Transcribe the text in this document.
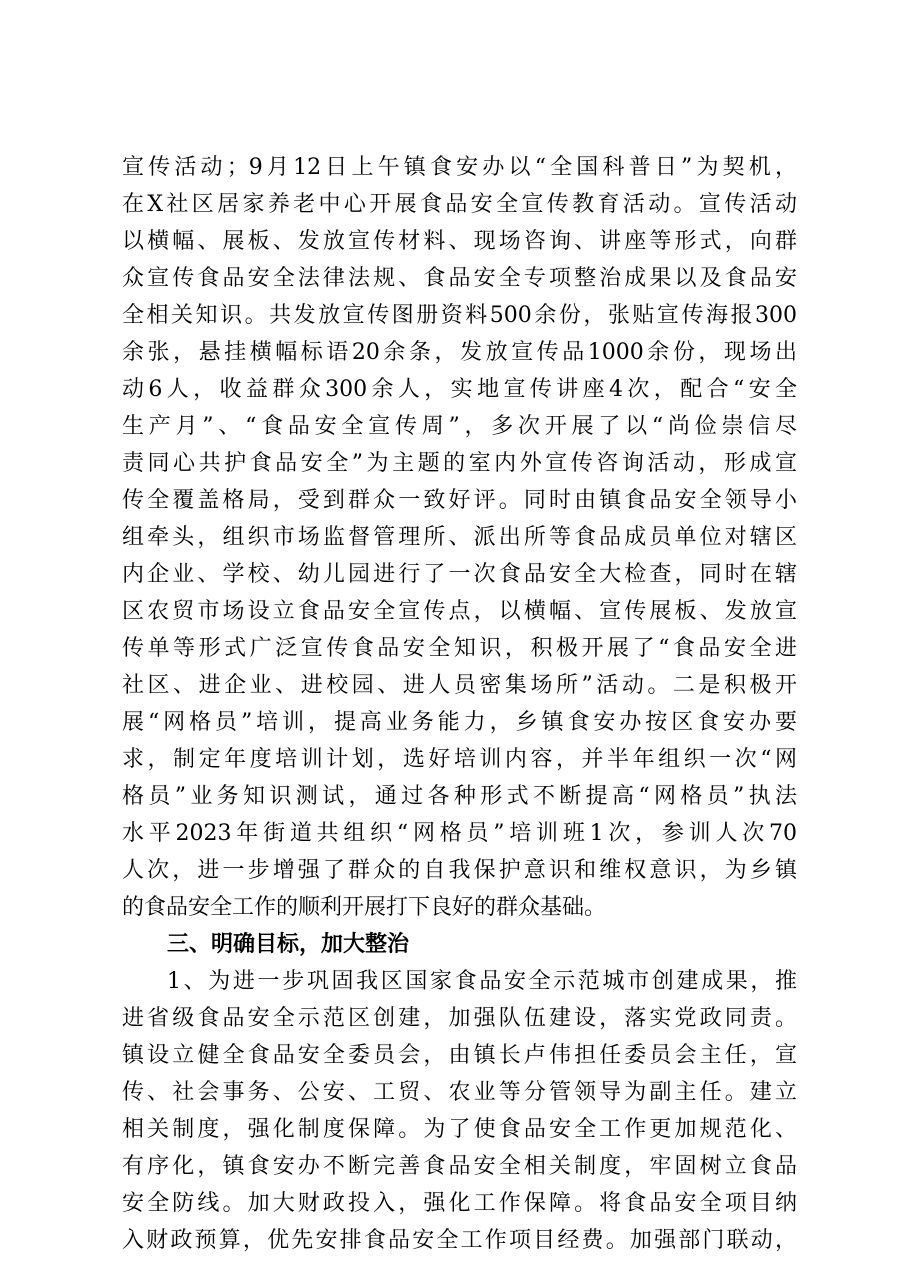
宣传活动；9月12日上午镇食安办以“全国科普日”为契机，
在X社区居家养老中心开展食品安全宣传教育活动。宣传活动
以横幅、展板、发放宣传材料、现场咨询、讲座等形式，向群
众宣传食品安全法律法规、食品安全专项整治成果以及食品安
全相关知识。共发放宣传图册资料500余份，张贴宣传海报300
余张，悬挂横幅标语20余条，发放宣传品1000余份，现场出
动6人，收益群众300余人，实地宣传讲座4次，配合“安全
生产月”、“食品安全宣传周”，多次开展了以“尚俭崇信尽
责同心共护食品安全”为主题的室内外宣传咨询活动，形成宣
传全覆盖格局，受到群众一致好评。同时由镇食品安全领导小
组牵头，组织市场监督管理所、派出所等食品成员单位对辖区
内企业、学校、幼儿园进行了一次食品安全大检查，同时在辖
区农贸市场设立食品安全宣传点，以横幅、宣传展板、发放宣
传单等形式广泛宣传食品安全知识，积极开展了“食品安全进
社区、进企业、进校园、进人员密集场所”活动。二是积极开
展“网格员”培训，提高业务能力，乡镇食安办按区食安办要
求，制定年度培训计划，选好培训内容，并半年组织一次“网
格员”业务知识测试，通过各种形式不断提高“网格员”执法
水平2023年街道共组织“网格员”培训班1次，参训人次70
人次，进一步增强了群众的自我保护意识和维权意识，为乡镇
的食品安全工作的顺利开展打下良好的群众基础。
三、明确目标，加大整治
1、为进一步巩固我区国家食品安全示范城市创建成果，推
进省级食品安全示范区创建，加强队伍建设，落实党政同责。
镇设立健全食品安全委员会，由镇长卢伟担任委员会主任，宣
传、社会事务、公安、工贸、农业等分管领导为副主任。建立
相关制度，强化制度保障。为了使食品安全工作更加规范化、
有序化，镇食安办不断完善食品安全相关制度，牢固树立食品
安全防线。加大财政投入，强化工作保障。将食品安全项目纳
入财政预算，优先安排食品安全工作项目经费。加强部门联动，
